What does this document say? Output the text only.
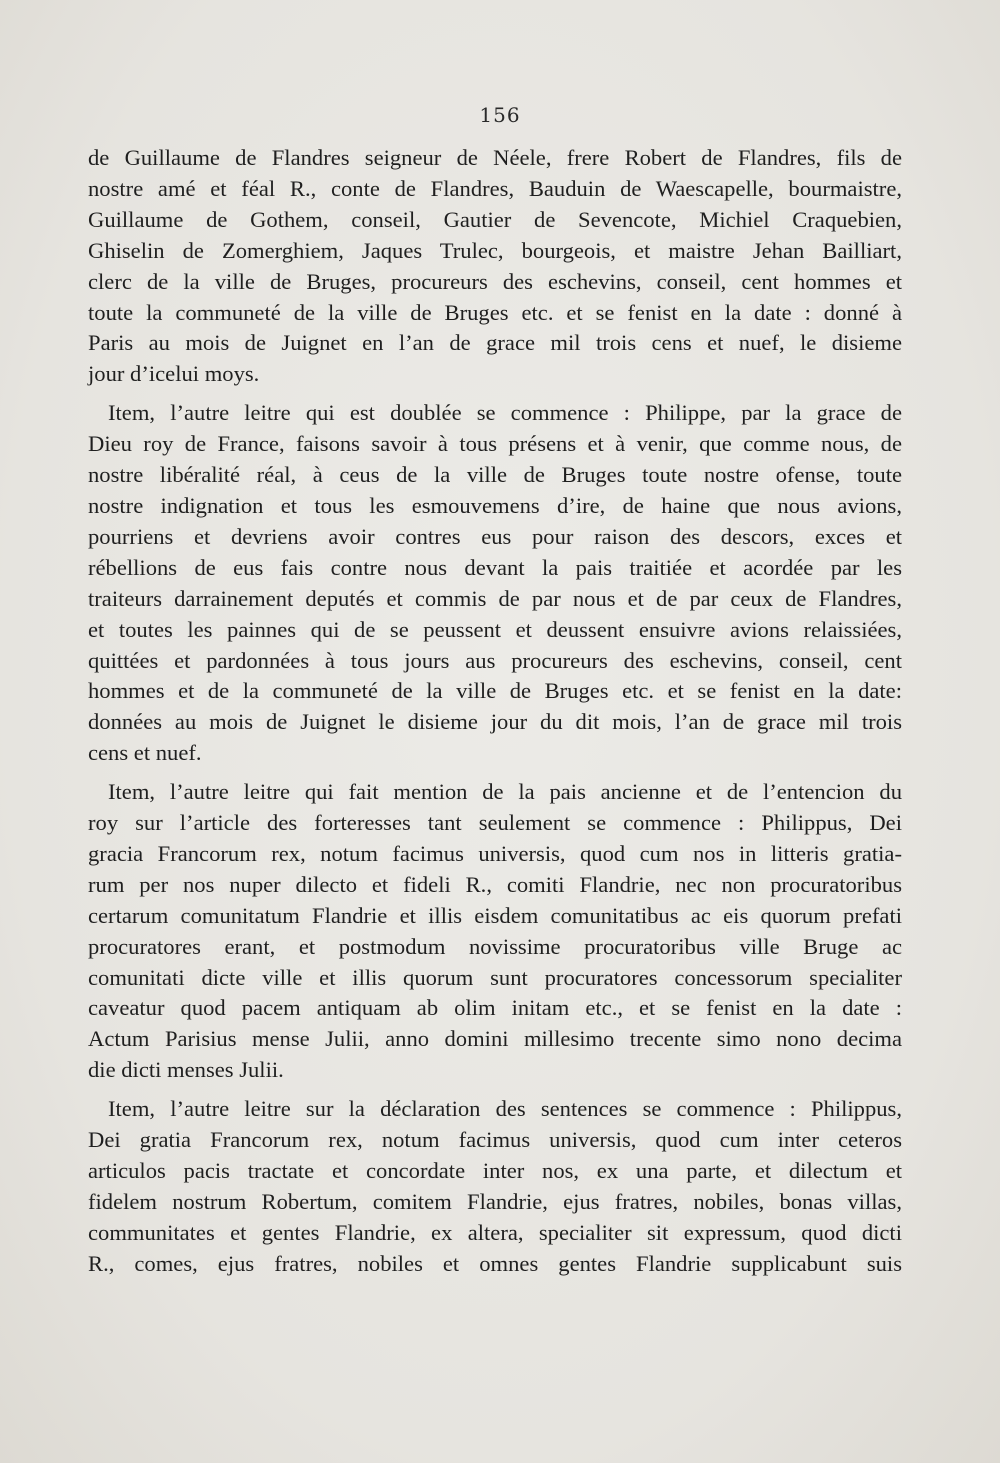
156
de Guillaume de Flandres seigneur de Néele, frere Robert de Flandres, fils de
nostre amé et féal R., conte de Flandres, Bauduin de Waescapelle, bourmaistre,
Guillaume de Gothem, conseil, Gautier de Sevencote, Michiel Craquebien,
Ghiselin de Zomerghiem, Jaques Trulec, bourgeois, et maistre Jehan Bailliart,
clerc de la ville de Bruges, procureurs des eschevins, conseil, cent hommes et
toute la communeté de la ville de Bruges etc. et se fenist en la date : donné à
Paris au mois de Juignet en l’an de grace mil trois cens et nuef, le disieme
jour d’icelui moys.
Item, l’autre leitre qui est doublée se commence : Philippe, par la grace de
Dieu roy de France, faisons savoir à tous présens et à venir, que comme nous, de
nostre libéralité réal, à ceus de la ville de Bruges toute nostre ofense, toute
nostre indignation et tous les esmouvemens d’ire, de haine que nous avions,
pourriens et devriens avoir contres eus pour raison des descors, exces et
rébellions de eus fais contre nous devant la pais traitiée et acordée par les
traiteurs darrainement deputés et commis de par nous et de par ceux de Flandres,
et toutes les painnes qui de se peussent et deussent ensuivre avions relaissiées,
quittées et pardonnées à tous jours aus procureurs des eschevins, conseil, cent
hommes et de la communeté de la ville de Bruges etc. et se fenist en la date:
données au mois de Juignet le disieme jour du dit mois, l’an de grace mil trois
cens et nuef.
Item, l’autre leitre qui fait mention de la pais ancienne et de l’entencion du
roy sur l’article des forteresses tant seulement se commence : Philippus, Dei
gracia Francorum rex, notum facimus universis, quod cum nos in litteris gratia-
rum per nos nuper dilecto et fideli R., comiti Flandrie, nec non procuratoribus
certarum comunitatum Flandrie et illis eisdem comunitatibus ac eis quorum prefati
procuratores erant, et postmodum novissime procuratoribus ville Bruge ac
comunitati dicte ville et illis quorum sunt procuratores concessorum specialiter
caveatur quod pacem antiquam ab olim initam etc., et se fenist en la date :
Actum Parisius mense Julii, anno domini millesimo trecente simo nono decima
die dicti menses Julii.
Item, l’autre leitre sur la déclaration des sentences se commence : Philippus,
Dei gratia Francorum rex, notum facimus universis, quod cum inter ceteros
articulos pacis tractate et concordate inter nos, ex una parte, et dilectum et
fidelem nostrum Robertum, comitem Flandrie, ejus fratres, nobiles, bonas villas,
communitates et gentes Flandrie, ex altera, specialiter sit expressum, quod dicti
R., comes, ejus fratres, nobiles et omnes gentes Flandrie supplicabunt suis
